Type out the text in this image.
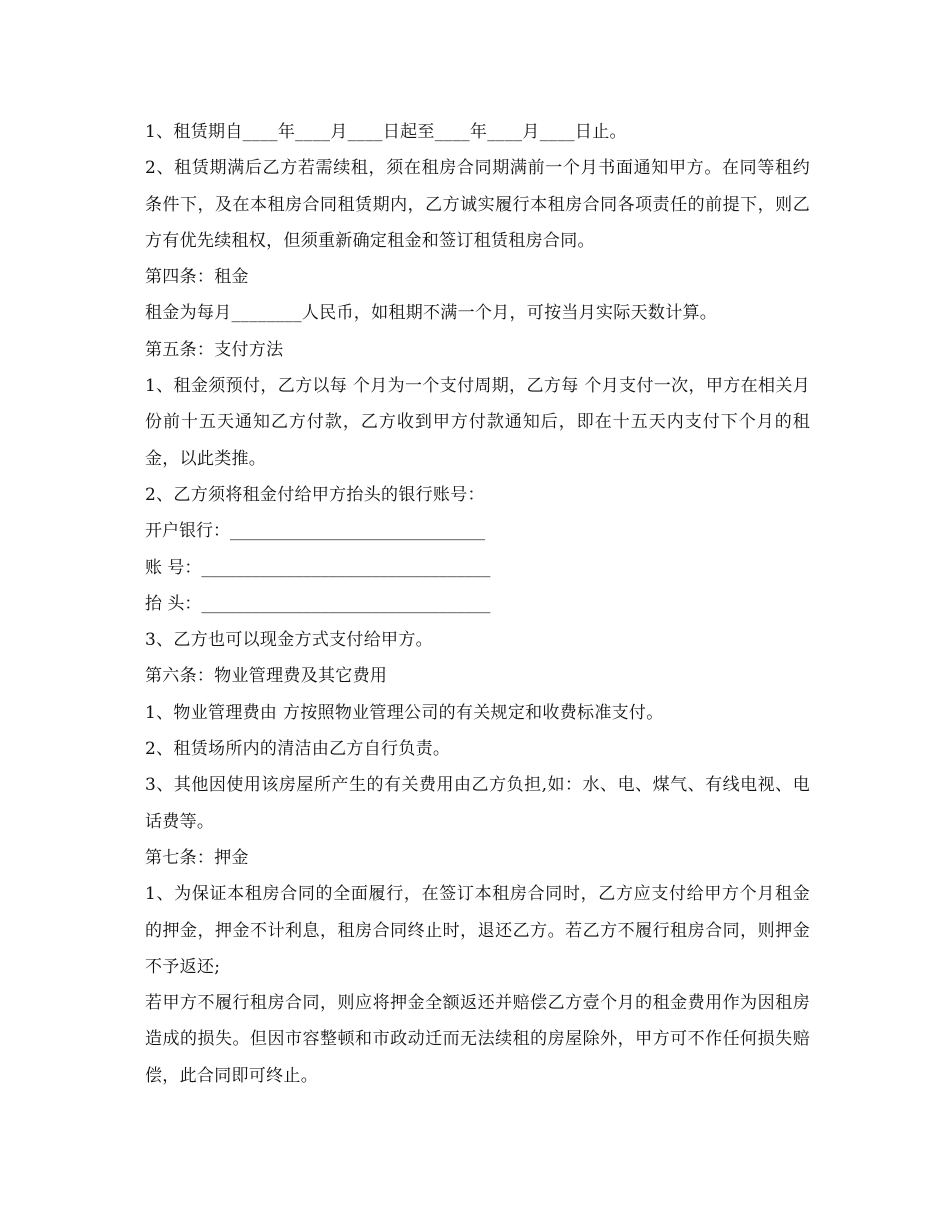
1、租赁期自____年____月____日起至____年____月____日止。

2、租赁期满后乙方若需续租，须在租房合同期满前一个月书面通知甲方。在同等租约条件下，及在本租房合同租赁期内，乙方诚实履行本租房合同各项责任的前提下，则乙方有优先续租权，但须重新确定租金和签订租赁租房合同。

第四条：租金

租金为每月________人民币，如租期不满一个月，可按当月实际天数计算。

第五条：支付方法

1、租金须预付，乙方以每 个月为一个支付周期，乙方每 个月支付一次，甲方在相关月份前十五天通知乙方付款，乙方收到甲方付款通知后，即在十五天内支付下个月的租金，以此类推。

2、乙方须将租金付给甲方抬头的银行账号：

开户银行：______________________________

账 号：__________________________________

抬 头：__________________________________

3、乙方也可以现金方式支付给甲方。

第六条：物业管理费及其它费用

1、物业管理费由 方按照物业管理公司的有关规定和收费标准支付。

2、租赁场所内的清洁由乙方自行负责。

3、其他因使用该房屋所产生的有关费用由乙方负担,如：水、电、煤气、有线电视、电话费等。

第七条：押金

1、为保证本租房合同的全面履行，在签订本租房合同时，乙方应支付给甲方个月租金的押金，押金不计利息，租房合同终止时，退还乙方。若乙方不履行租房合同，则押金不予返还;

若甲方不履行租房合同，则应将押金全额返还并赔偿乙方壹个月的租金费用作为因租房造成的损失。但因市容整顿和市政动迁而无法续租的房屋除外，甲方可不作任何损失赔偿，此合同即可终止。
